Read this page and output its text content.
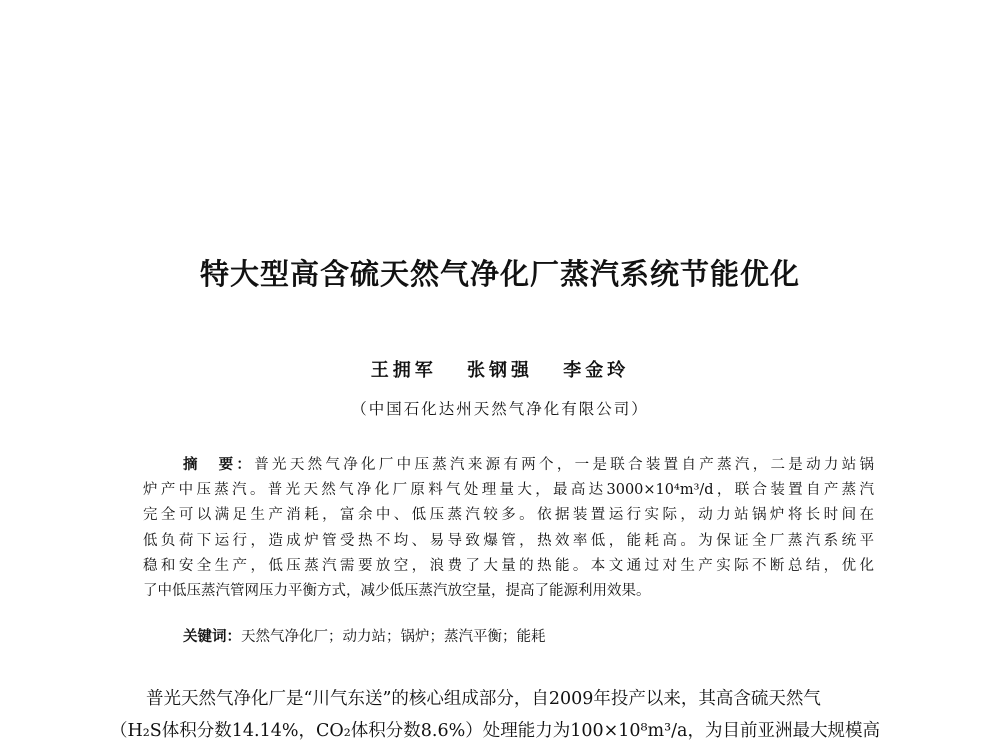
特大型高含硫天然气净化厂蒸汽系统节能优化
王拥军 张钢强 李金玲
（中国石化达州天然气净化有限公司）
摘　要：普光天然气净化厂中压蒸汽来源有两个，一是联合装置自产蒸汽，二是动力站锅
炉产中压蒸汽。普光天然气净化厂原料气处理量大，最高达3000×10⁴m³/d，联合装置自产蒸汽
完全可以满足生产消耗，富余中、低压蒸汽较多。依据装置运行实际，动力站锅炉将长时间在
低负荷下运行，造成炉管受热不均、易导致爆管，热效率低，能耗高。为保证全厂蒸汽系统平
稳和安全生产，低压蒸汽需要放空，浪费了大量的热能。本文通过对生产实际不断总结，优化
了中低压蒸汽管网压力平衡方式，减少低压蒸汽放空量，提高了能源利用效果。
关键词：天然气净化厂；动力站；锅炉；蒸汽平衡；能耗
普光天然气净化厂是“川气东送”的核心组成部分，自2009年投产以来，其高含硫天然气
（H₂S体积分数14.14%，CO₂体积分数8.6%）处理能力为100×10⁸m³/a，为目前亚洲最大规模高
